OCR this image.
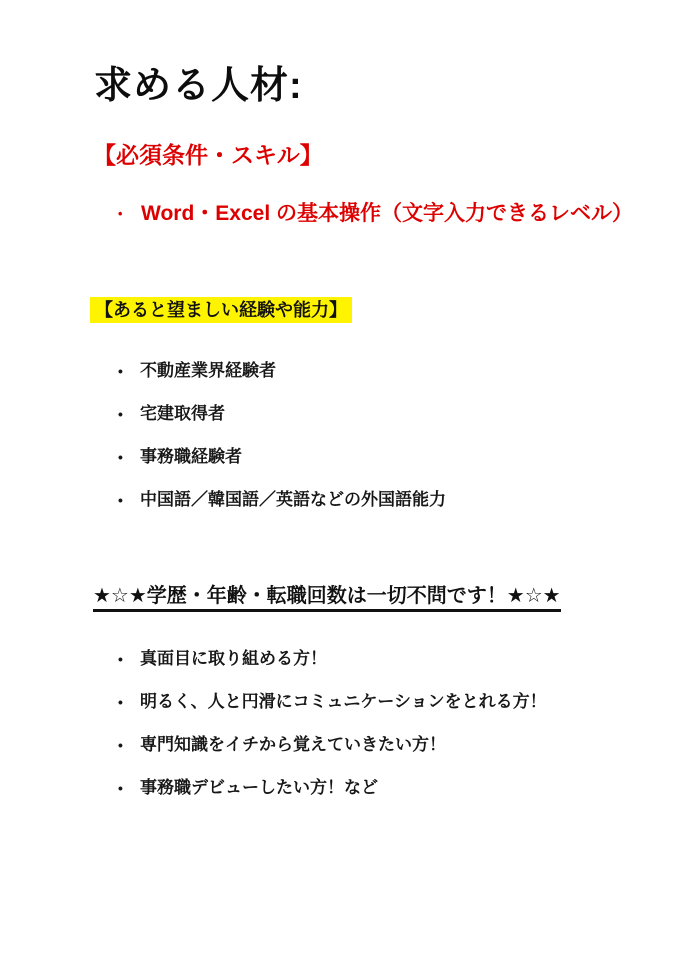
求める人材:
【必須条件・スキル】
• Word・Excel の基本操作（文字入力できるレベル）
【あると望ましい経験や能力】
•	不動産業界経験者
•	宅建取得者
•	事務職経験者
•	中国語／韓国語／英語などの外国語能力
★☆★学歴・年齢・転職回数は一切不問です！★☆★
•	真面目に取り組める方！
•	明るく、人と円滑にコミュニケーションをとれる方！
•	専門知識をイチから覚えていきたい方！
•	事務職デビューしたい方！など
